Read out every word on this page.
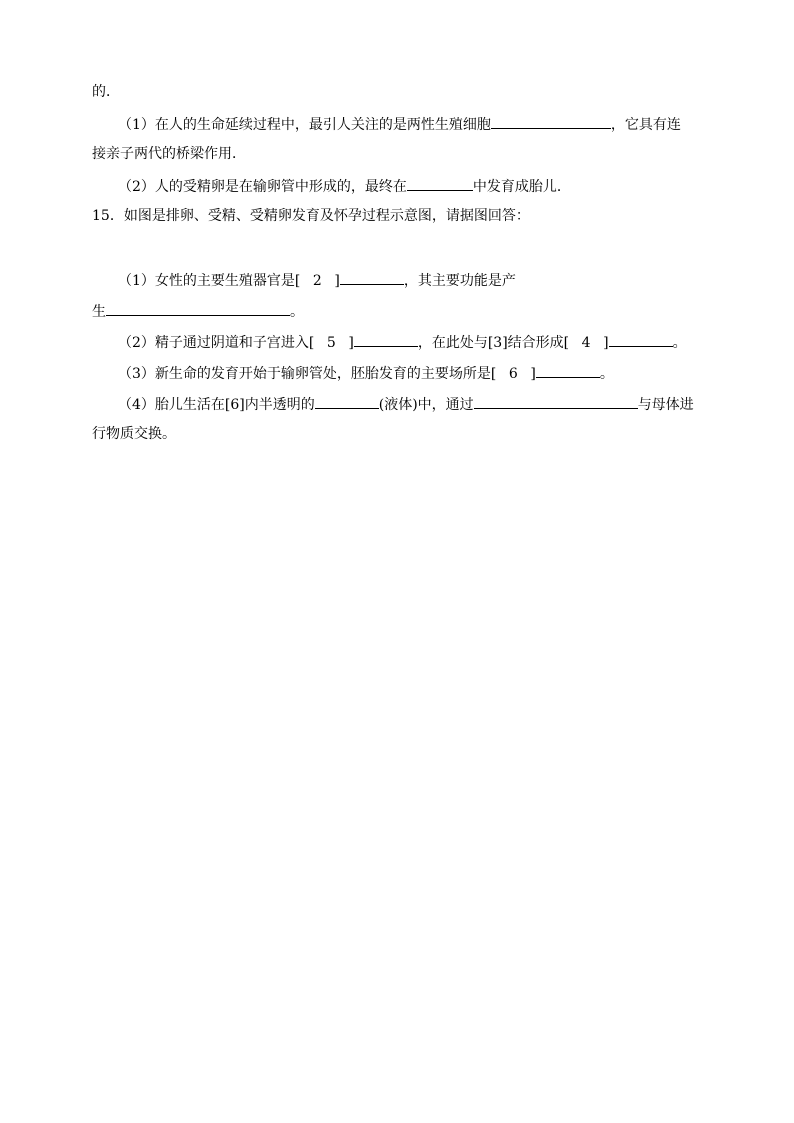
的．
（1）在人的生命延续过程中，最引人关注的是两性生殖细胞	，它具有连
接亲子两代的桥梁作用．
（2）人的受精卵是在输卵管中形成的，最终在	中发育成胎儿．
15．如图是排卵、受精、受精卵发育及怀孕过程示意图，请据图回答：
（1）女性的主要生殖器官是[ 2 ]	，其主要功能是产
生	。
（2）精子通过阴道和子宫进入[ 5 ]	，在此处与[3]结合形成[ 4 ]	。
（3）新生命的发育开始于输卵管处，胚胎发育的主要场所是[ 6 ]	。
（4）胎儿生活在[6]内半透明的	(液体)中，通过	与母体进
行物质交换。
